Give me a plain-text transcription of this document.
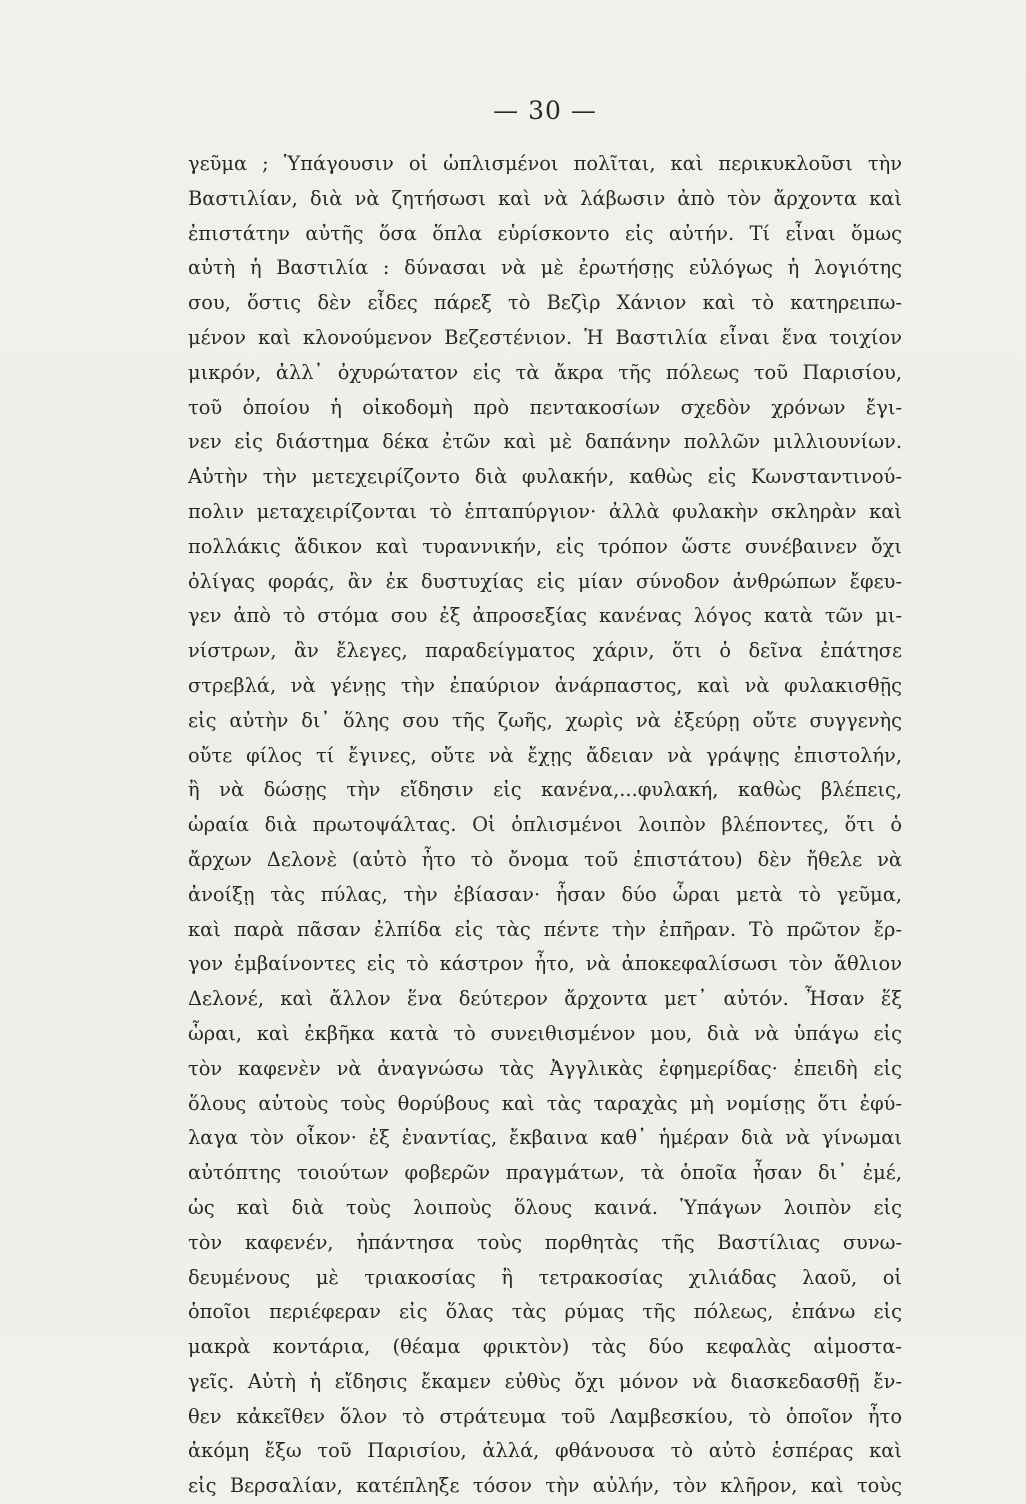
— 30 —
γεῦμα ; Ὑπάγουσιν οἱ ὡπλισμένοι πολῖται, καὶ περικυκλοῦσι τὴν
Βαστιλίαν, διὰ νὰ ζητήσωσι καὶ νὰ λάβωσιν ἀπὸ τὸν ἄρχοντα καὶ
ἐπιστάτην αὐτῆς ὅσα ὅπλα εὑρίσκοντο εἰς αὐτήν. Τί εἶναι ὅμως
αὐτὴ ἡ Βαστιλία : δύνασαι νὰ μὲ ἐρωτήσῃς εὐλόγως ἡ λογιότης
σου, ὅστις δὲν εἶδες πάρεξ τὸ Βεζὶρ Χάνιον καὶ τὸ κατηρειπω-
μένον καὶ κλονούμενον Βεζεστένιον. Ἡ Βαστιλία εἶναι ἕνα τοιχίον
μικρόν, ἀλλ᾽ ὀχυρώτατον εἰς τὰ ἄκρα τῆς πόλεως τοῦ Παρισίου,
τοῦ ὁποίου ἡ οἰκοδομὴ πρὸ πεντακοσίων σχεδὸν χρόνων ἔγι-
νεν εἰς διάστημα δέκα ἐτῶν καὶ μὲ δαπάνην πολλῶν μιλλιουνίων.
Αὐτὴν τὴν μετεχειρίζοντο διὰ φυλακήν, καθὼς εἰς Κωνσταντινού-
πολιν μεταχειρίζονται τὸ ἑπταπύργιον· ἀλλὰ φυλακὴν σκληρὰν καὶ
πολλάκις ἄδικον καὶ τυραννικήν, εἰς τρόπον ὥστε συνέβαινεν ὄχι
ὀλίγας φοράς, ἂν ἐκ δυστυχίας εἰς μίαν σύνοδον ἀνθρώπων ἔφευ-
γεν ἀπὸ τὸ στόμα σου ἐξ ἀπροσεξίας κανένας λόγος κατὰ τῶν μι-
νίστρων, ἂν ἔλεγες, παραδείγματος χάριν, ὅτι ὁ δεῖνα ἐπάτησε
στρεβλά, νὰ γένῃς τὴν ἐπαύριον ἀνάρπαστος, καὶ νὰ φυλακισθῇς
εἰς αὐτὴν δι᾽ ὅλης σου τῆς ζωῆς, χωρὶς νὰ ἐξεύρῃ οὔτε συγγενὴς
οὔτε φίλος τί ἔγινες, οὔτε νὰ ἔχῃς ἄδειαν νὰ γράψῃς ἐπιστολήν,
ἢ νὰ δώσῃς τὴν εἴδησιν εἰς κανένα,...φυλακή, καθὼς βλέπεις,
ὡραία διὰ πρωτοψάλτας. Οἱ ὁπλισμένοι λοιπὸν βλέποντες, ὅτι ὁ
ἄρχων Δελονὲ (αὐτὸ ἦτο τὸ ὄνομα τοῦ ἐπιστάτου) δὲν ἤθελε νὰ
ἀνοίξῃ τὰς πύλας, τὴν ἐβίασαν· ἦσαν δύο ὧραι μετὰ τὸ γεῦμα,
καὶ παρὰ πᾶσαν ἐλπίδα εἰς τὰς πέντε τὴν ἐπῆραν. Τὸ πρῶτον ἔρ-
γον ἐμβαίνοντες εἰς τὸ κάστρον ἦτο, νὰ ἀποκεφαλίσωσι τὸν ἄθλιον
Δελονέ, καὶ ἄλλον ἕνα δεύτερον ἄρχοντα μετ᾽ αὐτόν. Ἦσαν ἕξ
ὧραι, καὶ ἐκβῆκα κατὰ τὸ συνειθισμένον μου, διὰ νὰ ὑπάγω εἰς
τὸν καφενὲν νὰ ἀναγνώσω τὰς Ἀγγλικὰς ἐφημερίδας· ἐπειδὴ εἰς
ὅλους αὐτοὺς τοὺς θορύβους καὶ τὰς ταραχὰς μὴ νομίσῃς ὅτι ἐφύ-
λαγα τὸν οἶκον· ἐξ ἐναντίας, ἔκβαινα καθ᾽ ἡμέραν διὰ νὰ γίνωμαι
αὐτόπτης τοιούτων φοβερῶν πραγμάτων, τὰ ὁποῖα ἦσαν δι᾽ ἐμέ,
ὡς καὶ διὰ τοὺς λοιποὺς ὅλους καινά. Ὑπάγων λοιπὸν εἰς
τὸν καφενέν, ἠπάντησα τοὺς πορθητὰς τῆς Βαστίλιας συνω-
δευμένους μὲ τριακοσίας ἢ τετρακοσίας χιλιάδας λαοῦ, οἱ
ὁποῖοι περιέφεραν εἰς ὅλας τὰς ρύμας τῆς πόλεως, ἐπάνω εἰς
μακρὰ κοντάρια, (θέαμα φρικτὸν) τὰς δύο κεφαλὰς αἱμοστα-
γεῖς. Αὐτὴ ἡ εἴδησις ἔκαμεν εὐθὺς ὄχι μόνον νὰ διασκεδασθῇ ἔν-
θεν κἀκεῖθεν ὅλον τὸ στράτευμα τοῦ Λαμβεσκίου, τὸ ὁποῖον ἦτο
ἀκόμη ἔξω τοῦ Παρισίου, ἀλλά, φθάνουσα τὸ αὐτὸ ἑσπέρας καὶ
εἰς Βερσαλίαν, κατέπληξε τόσον τὴν αὐλήν, τὸν κλῆρον, καὶ τοὺς
